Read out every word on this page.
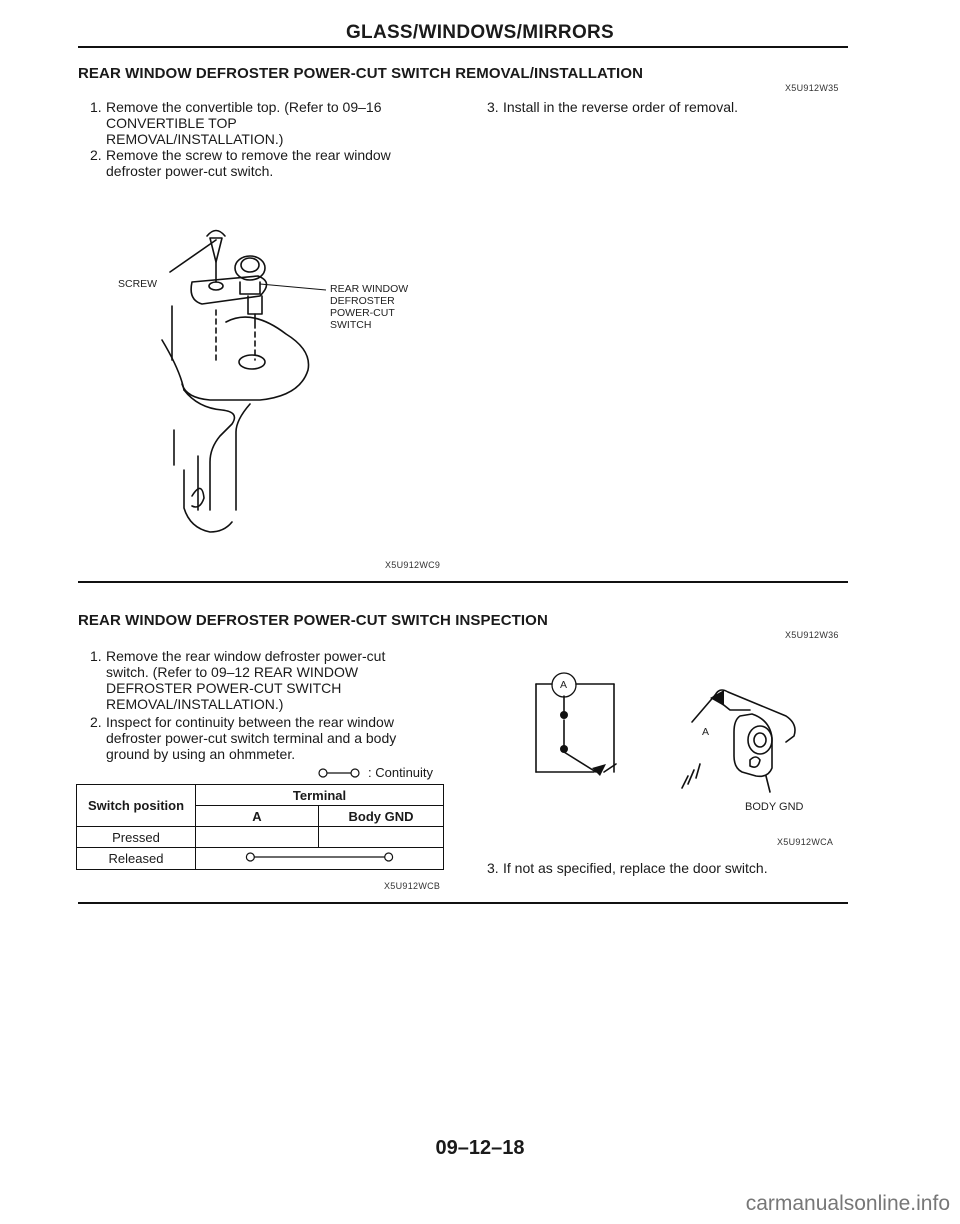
GLASS/WINDOWS/MIRRORS
REAR WINDOW DEFROSTER POWER-CUT SWITCH REMOVAL/INSTALLATION
X5U912W35
1. Remove the convertible top. (Refer to 09–16
CONVERTIBLE TOP
REMOVAL/INSTALLATION.)
2. Remove the screw to remove the rear window
defroster power-cut switch.
3. Install in the reverse order of removal.
SCREW	REAR WINDOW
DEFROSTER
POWER-CUT
SWITCH
X5U912WC9
REAR WINDOW DEFROSTER POWER-CUT SWITCH INSPECTION
X5U912W36
1. Remove the rear window defroster power-cut
switch. (Refer to 09–12 REAR WINDOW
DEFROSTER POWER-CUT SWITCH
REMOVAL/INSTALLATION.)
2. Inspect for continuity between the rear window
defroster power-cut switch terminal and a body
ground by using an ohmmeter.
: Continuity
Switch position	Terminal	
	A	Body GND
Pressed		
Released	
X5U912WCB
A
A
BODY GND
X5U912WCA
3. If not as specified, replace the door switch.
09–12–18
carmanualsonline.info
